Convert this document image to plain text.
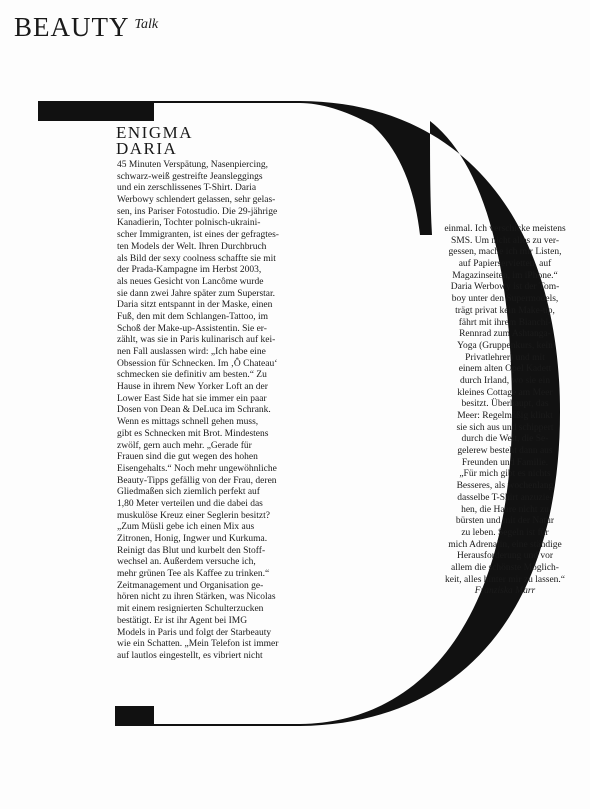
BEAUTY Talk
ENIGMA
DARIA
45 Minuten Verspätung, Nasenpiercing,
schwarz-weiß gestreifte Jeansleggings
und ein zerschlissenes T-Shirt. Daria
Werbowy schlendert gelassen, sehr gelas-
sen, ins Pariser Fotostudio. Die 29-jährige
Kanadierin, Tochter polnisch-ukraini-
scher Immigranten, ist eines der gefragtes-
ten Models der Welt. Ihren Durchbruch
als Bild der sexy coolness schaffte sie mit
der Prada-Kampagne im Herbst 2003,
als neues Gesicht von Lancôme wurde
sie dann zwei Jahre später zum Superstar.
Daria sitzt entspannt in der Maske, einen
Fuß, den mit dem Schlangen-Tattoo, im
Schoß der Make-up-Assistentin. Sie er-
zählt, was sie in Paris kulinarisch auf kei-
nen Fall auslassen wird: „Ich habe eine
Obsession für Schnecken. Im ‚Ô Chateau‘
schmecken sie definitiv am besten.“ Zu
Hause in ihrem New Yorker Loft an der
Lower East Side hat sie immer ein paar
Dosen von Dean & DeLuca im Schrank.
Wenn es mittags schnell gehen muss,
gibt es Schnecken mit Brot. Mindestens
zwölf, gern auch mehr. „Gerade für
Frauen sind die gut wegen des hohen
Eisengehalts.“ Noch mehr ungewöhnliche
Beauty-Tipps gefällig von der Frau, deren
Gliedmaßen sich ziemlich perfekt auf
1,80 Meter verteilen und die dabei das
muskulöse Kreuz einer Seglerin besitzt?
„Zum Müsli gebe ich einen Mix aus
Zitronen, Honig, Ingwer und Kurkuma.
Reinigt das Blut und kurbelt den Stoff-
wechsel an. Außerdem versuche ich,
mehr grünen Tee als Kaffee zu trinken.“
Zeitmanagement und Organisation ge-
hören nicht zu ihren Stärken, was Nicolas
mit einem resignierten Schulterzucken
bestätigt. Er ist ihr Agent bei IMG
Models in Paris und folgt der Starbeauty
wie ein Schatten. „Mein Telefon ist immer
auf lautlos eingestellt, es vibriert nicht
einmal. Ich verschicke meistens
SMS. Um nicht alles zu ver-
gessen, mache ich mir Listen,
auf Papierservietten, auf
Magazinseiten, im iPhone.“
Daria Werbowy ist der Tom-
boy unter den Supermodels,
trägt privat kein Make-up,
fährt mit ihrem Bianchi-
Rennrad zum Ashtanga-
Yoga (Gruppenkurs, kein
Privatlehrer) und mit
einem alten Opel Kadett
durch Irland, wo sie ein
kleines Cottage am Meer
besitzt. Überhaupt, das
Meer: Regelmäßig klinkt
sie sich aus und schippert
durch die Welt, die Se-
gelerew besteht dann aus
Freunden und Familie.
„Für mich gibt es nichts
Besseres, als wochenlang
dasselbe T-Shirt anzuzie-
hen, die Haare nicht zu
bürsten und mit der Natur
zu leben. Segeln ist für
mich Adrenalin, eine ständige
Herausforderung und vor
allem die schönste Möglich-
keit, alles hinter mir zu lassen.“
Franziska Marr
